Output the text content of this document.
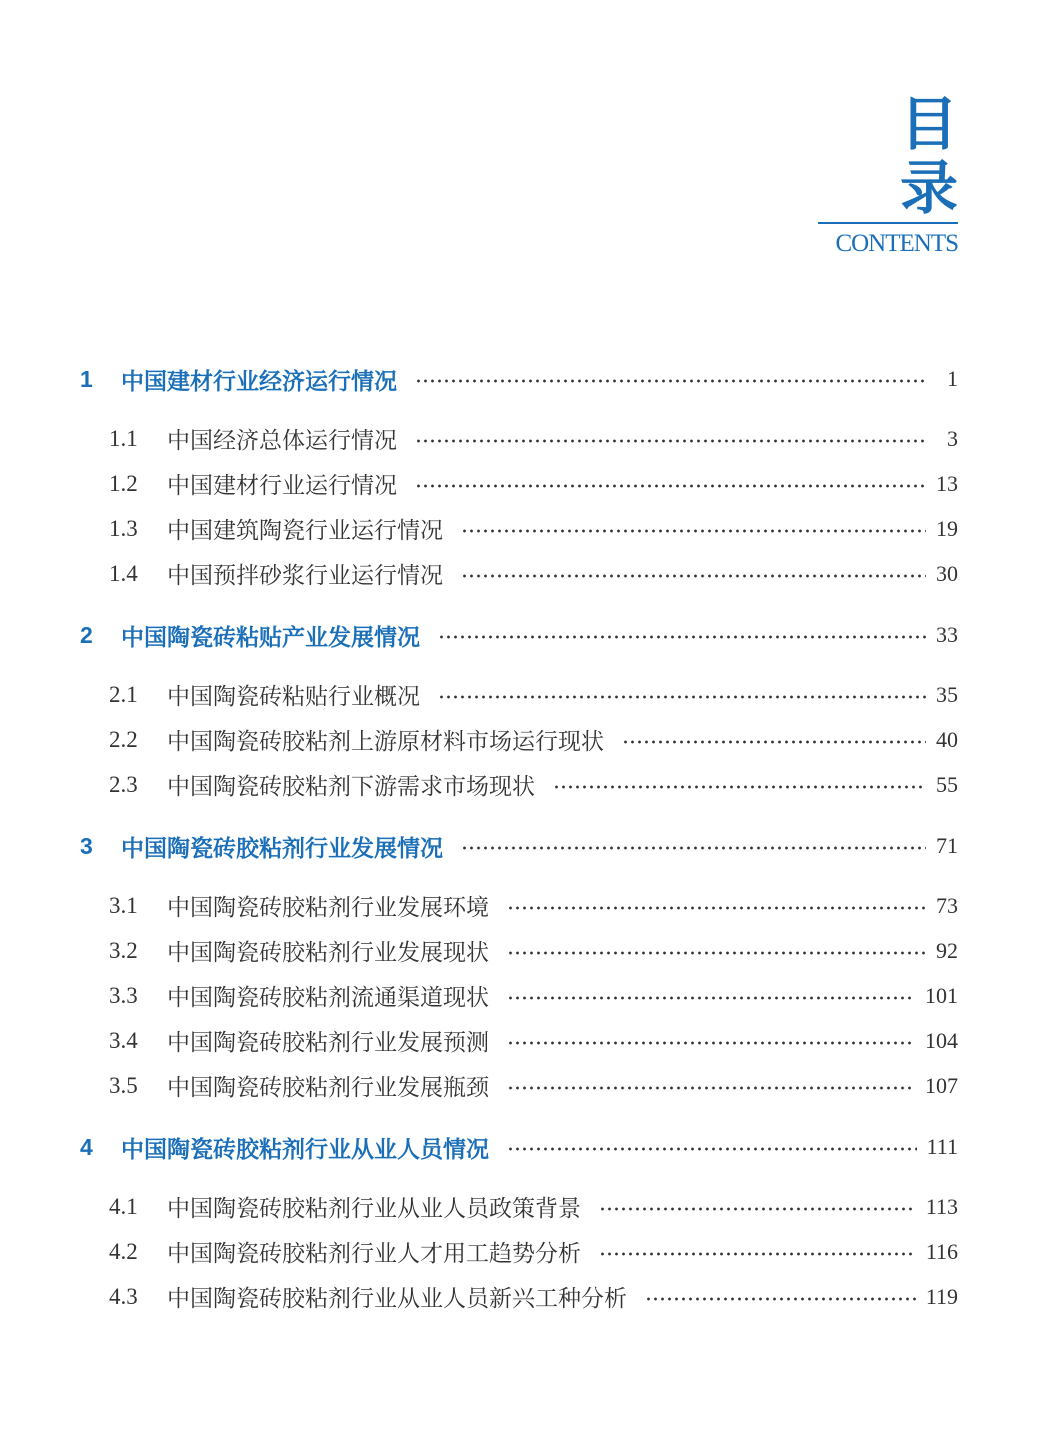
目 录
CONTENTS
1	中国建材行业经济运行情况	1
1.1	中国经济总体运行情况	3
1.2	中国建材行业运行情况	13
1.3	中国建筑陶瓷行业运行情况	19
1.4	中国预拌砂浆行业运行情况	30
2	中国陶瓷砖粘贴产业发展情况	33
2.1	中国陶瓷砖粘贴行业概况	35
2.2	中国陶瓷砖胶粘剂上游原材料市场运行现状	40
2.3	中国陶瓷砖胶粘剂下游需求市场现状	55
3	中国陶瓷砖胶粘剂行业发展情况	71
3.1	中国陶瓷砖胶粘剂行业发展环境	73
3.2	中国陶瓷砖胶粘剂行业发展现状	92
3.3	中国陶瓷砖胶粘剂流通渠道现状	101
3.4	中国陶瓷砖胶粘剂行业发展预测	104
3.5	中国陶瓷砖胶粘剂行业发展瓶颈	107
4	中国陶瓷砖胶粘剂行业从业人员情况	111
4.1	中国陶瓷砖胶粘剂行业从业人员政策背景	113
4.2	中国陶瓷砖胶粘剂行业人才用工趋势分析	116
4.3	中国陶瓷砖胶粘剂行业从业人员新兴工种分析	119
